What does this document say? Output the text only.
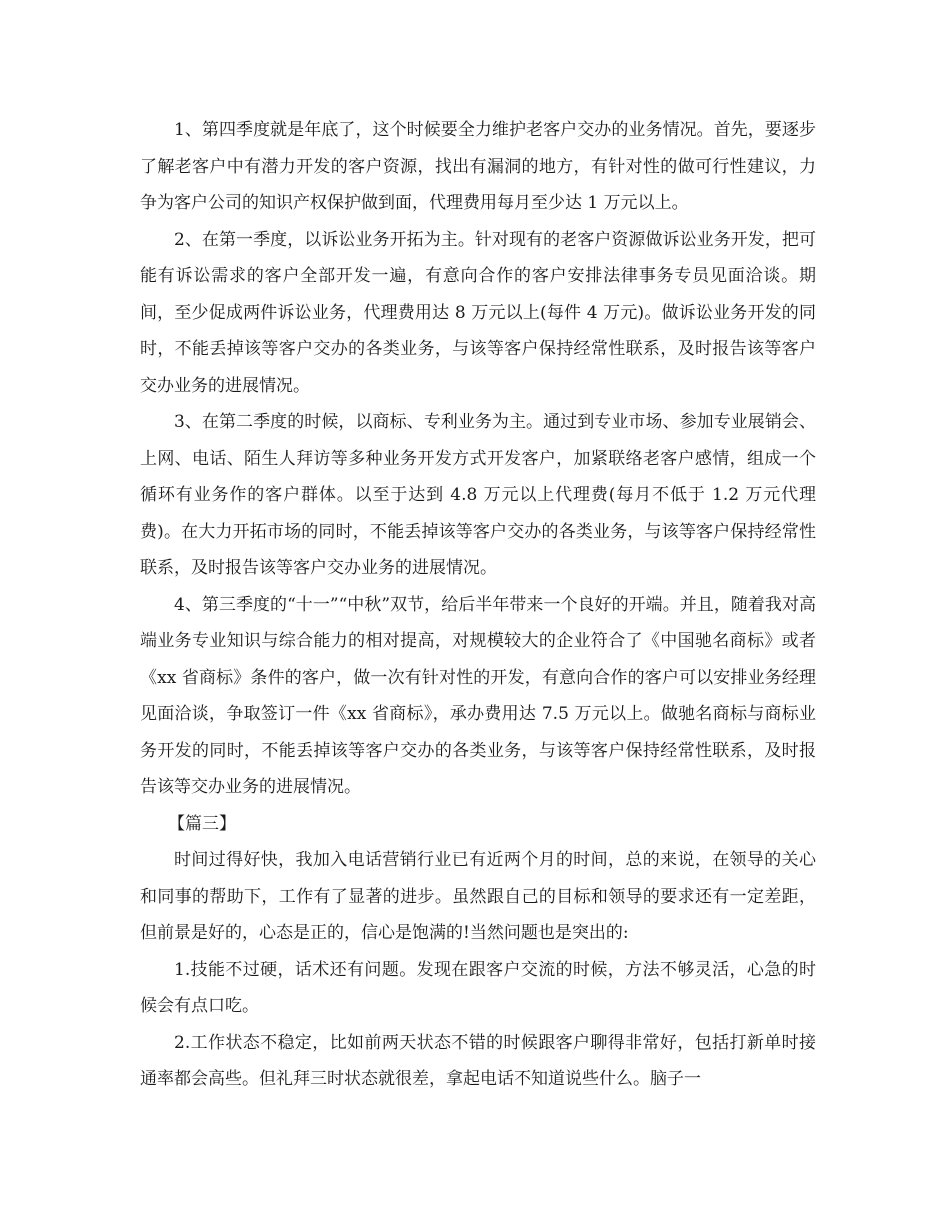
1、第四季度就是年底了，这个时候要全力维护老客户交办的业务情况。首先，要逐步了解老客户中有潜力开发的客户资源，找出有漏洞的地方，有针对性的做可行性建议，力争为客户公司的知识产权保护做到面，代理费用每月至少达 1 万元以上。

2、在第一季度，以诉讼业务开拓为主。针对现有的老客户资源做诉讼业务开发，把可能有诉讼需求的客户全部开发一遍，有意向合作的客户安排法律事务专员见面洽谈。期间，至少促成两件诉讼业务，代理费用达 8 万元以上(每件 4 万元)。做诉讼业务开发的同时，不能丢掉该等客户交办的各类业务，与该等客户保持经常性联系，及时报告该等客户交办业务的进展情况。

3、在第二季度的时候，以商标、专利业务为主。通过到专业市场、参加专业展销会、上网、电话、陌生人拜访等多种业务开发方式开发客户，加紧联络老客户感情，组成一个循环有业务作的客户群体。以至于达到 4.8 万元以上代理费(每月不低于 1.2 万元代理费)。在大力开拓市场的同时，不能丢掉该等客户交办的各类业务，与该等客户保持经常性联系，及时报告该等客户交办业务的进展情况。

4、第三季度的“十一”“中秋”双节，给后半年带来一个良好的开端。并且，随着我对高端业务专业知识与综合能力的相对提高，对规模较大的企业符合了《中国驰名商标》或者《xx 省商标》条件的客户，做一次有针对性的开发，有意向合作的客户可以安排业务经理见面洽谈，争取签订一件《xx 省商标》，承办费用达 7.5 万元以上。做驰名商标与商标业务开发的同时，不能丢掉该等客户交办的各类业务，与该等客户保持经常性联系，及时报告该等交办业务的进展情况。

【篇三】

时间过得好快，我加入电话营销行业已有近两个月的时间，总的来说，在领导的关心和同事的帮助下，工作有了显著的进步。虽然跟自己的目标和领导的要求还有一定差距，但前景是好的，心态是正的，信心是饱满的!当然问题也是突出的:

1.技能不过硬，话术还有问题。发现在跟客户交流的时候，方法不够灵活，心急的时候会有点口吃。

2.工作状态不稳定，比如前两天状态不错的时候跟客户聊得非常好，包括打新单时接通率都会高些。但礼拜三时状态就很差，拿起电话不知道说些什么。脑子一
